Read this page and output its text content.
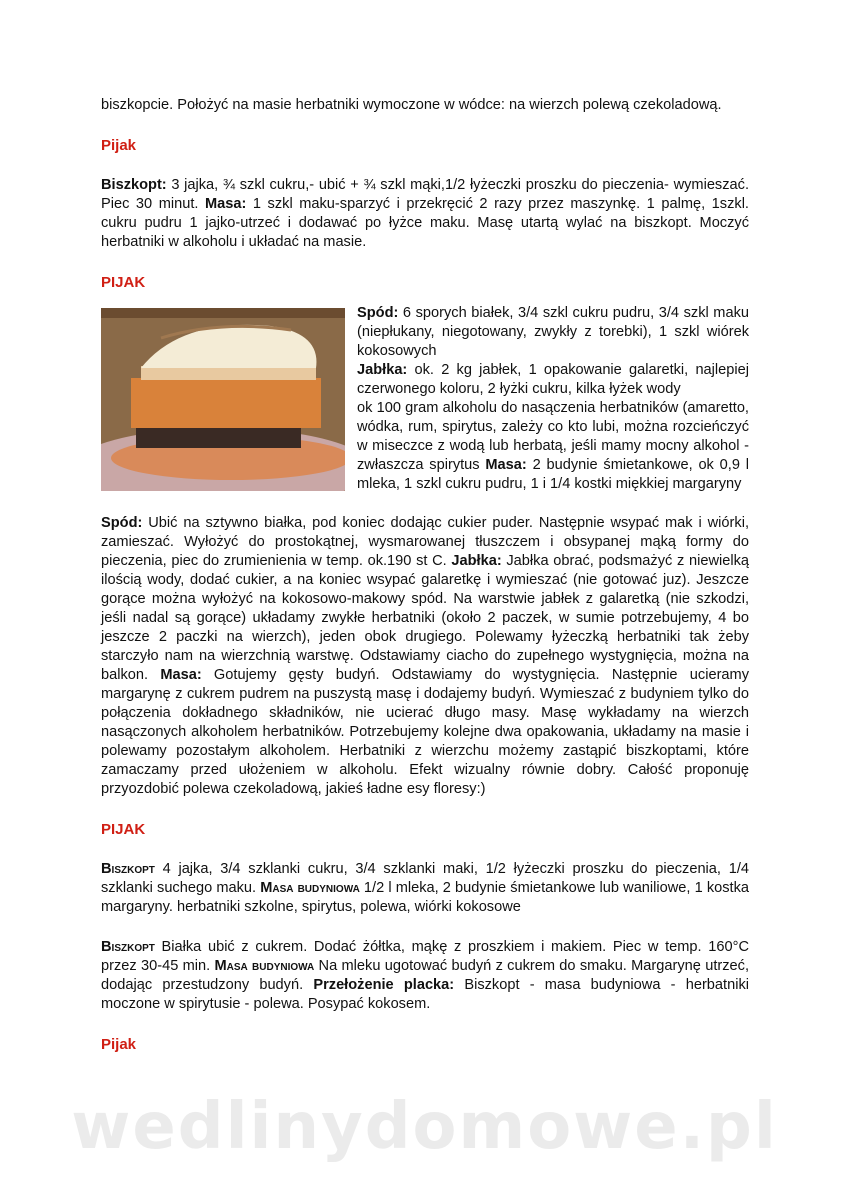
biszkopcie. Położyć na masie herbatniki wymoczone w wódce: na wierzch polewą czekoladową.

Pijak

Biszkopt: 3 jajka, ¾ szkl cukru,- ubić + ¾ szkl mąki,1/2 łyżeczki proszku do pieczenia- wymieszać. Piec 30 minut. Masa: 1 szkl maku-sparzyć i przekręcić 2 razy przez maszynkę. 1 palmę, 1szkl. cukru pudru 1 jajko-utrzeć i dodawać po łyżce maku. Masę utartą wylać na biszkopt. Moczyć herbatniki w alkoholu i układać na masie.

PIJAK

Spód: 6 sporych białek, 3/4 szkl cukru pudru, 3/4 szkl maku (niepłukany, niegotowany, zwykły z torebki), 1 szkl wiórek kokosowych
Jabłka: ok. 2 kg jabłek, 1 opakowanie galaretki, najlepiej czerwonego koloru, 2 łyżki cukru, kilka łyżek wody
ok 100 gram alkoholu do nasączenia herbatników (amaretto, wódka, rum, spirytus, zależy co kto lubi, można rozcieńczyć w miseczce z wodą lub herbatą, jeśli mamy mocny alkohol - zwłaszcza spirytus Masa: 2 budynie śmietankowe, ok 0,9 l mleka, 1 szkl cukru pudru, 1 i 1/4 kostki miękkiej margaryny

Spód: Ubić na sztywno białka, pod koniec dodając cukier puder. Następnie wsypać mak i wiórki, zamieszać. Wyłożyć do prostokątnej, wysmarowanej tłuszczem i obsypanej mąką formy do pieczenia, piec do zrumienienia w temp. ok.190 st C. Jabłka: Jabłka obrać, podsmażyć z niewielką ilością wody, dodać cukier, a na koniec wsypać galaretkę i wymieszać (nie gotować juz). Jeszcze gorące można wyłożyć na kokosowo-makowy spód. Na warstwie jabłek z galaretką (nie szkodzi, jeśli nadal są gorące) układamy zwykłe herbatniki (około 2 paczek, w sumie potrzebujemy, 4 bo jeszcze 2 paczki na wierzch), jeden obok drugiego. Polewamy łyżeczką herbatniki tak żeby starczyło nam na wierzchnią warstwę. Odstawiamy ciacho do zupełnego wystygnięcia, można na balkon. Masa: Gotujemy gęsty budyń. Odstawiamy do wystygnięcia. Następnie ucieramy margarynę z cukrem pudrem na puszystą masę i dodajemy budyń. Wymieszać z budyniem tylko do połączenia dokładnego składników, nie ucierać długo masy. Masę wykładamy na wierzch nasączonych alkoholem herbatników. Potrzebujemy kolejne dwa opakowania, układamy na masie i polewamy pozostałym alkoholem. Herbatniki z wierzchu możemy zastąpić biszkoptami, które zamaczamy przed ułożeniem w alkoholu. Efekt wizualny równie dobry. Całość proponuję przyozdobić polewa czekoladową, jakieś ładne esy floresy:)

PIJAK

Biszkopt 4 jajka, 3/4 szklanki cukru, 3/4 szklanki maki, 1/2 łyżeczki proszku do pieczenia, 1/4 szklanki suchego maku. Masa budyniowa 1/2 l mleka, 2 budynie śmietankowe lub waniliowe, 1 kostka margaryny. herbatniki szkolne, spirytus, polewa, wiórki kokosowe

Biszkopt Białka ubić z cukrem. Dodać żółtka, mąkę z proszkiem i makiem. Piec w temp. 160°C przez 30-45 min. Masa budyniowa Na mleku ugotować budyń z cukrem do smaku. Margarynę utrzeć, dodając przestudzony budyń. Przełożenie placka: Biszkopt - masa budyniowa - herbatniki moczone w spirytusie - polewa. Posypać kokosem.

Pijak

wedlinydomowe.pl
